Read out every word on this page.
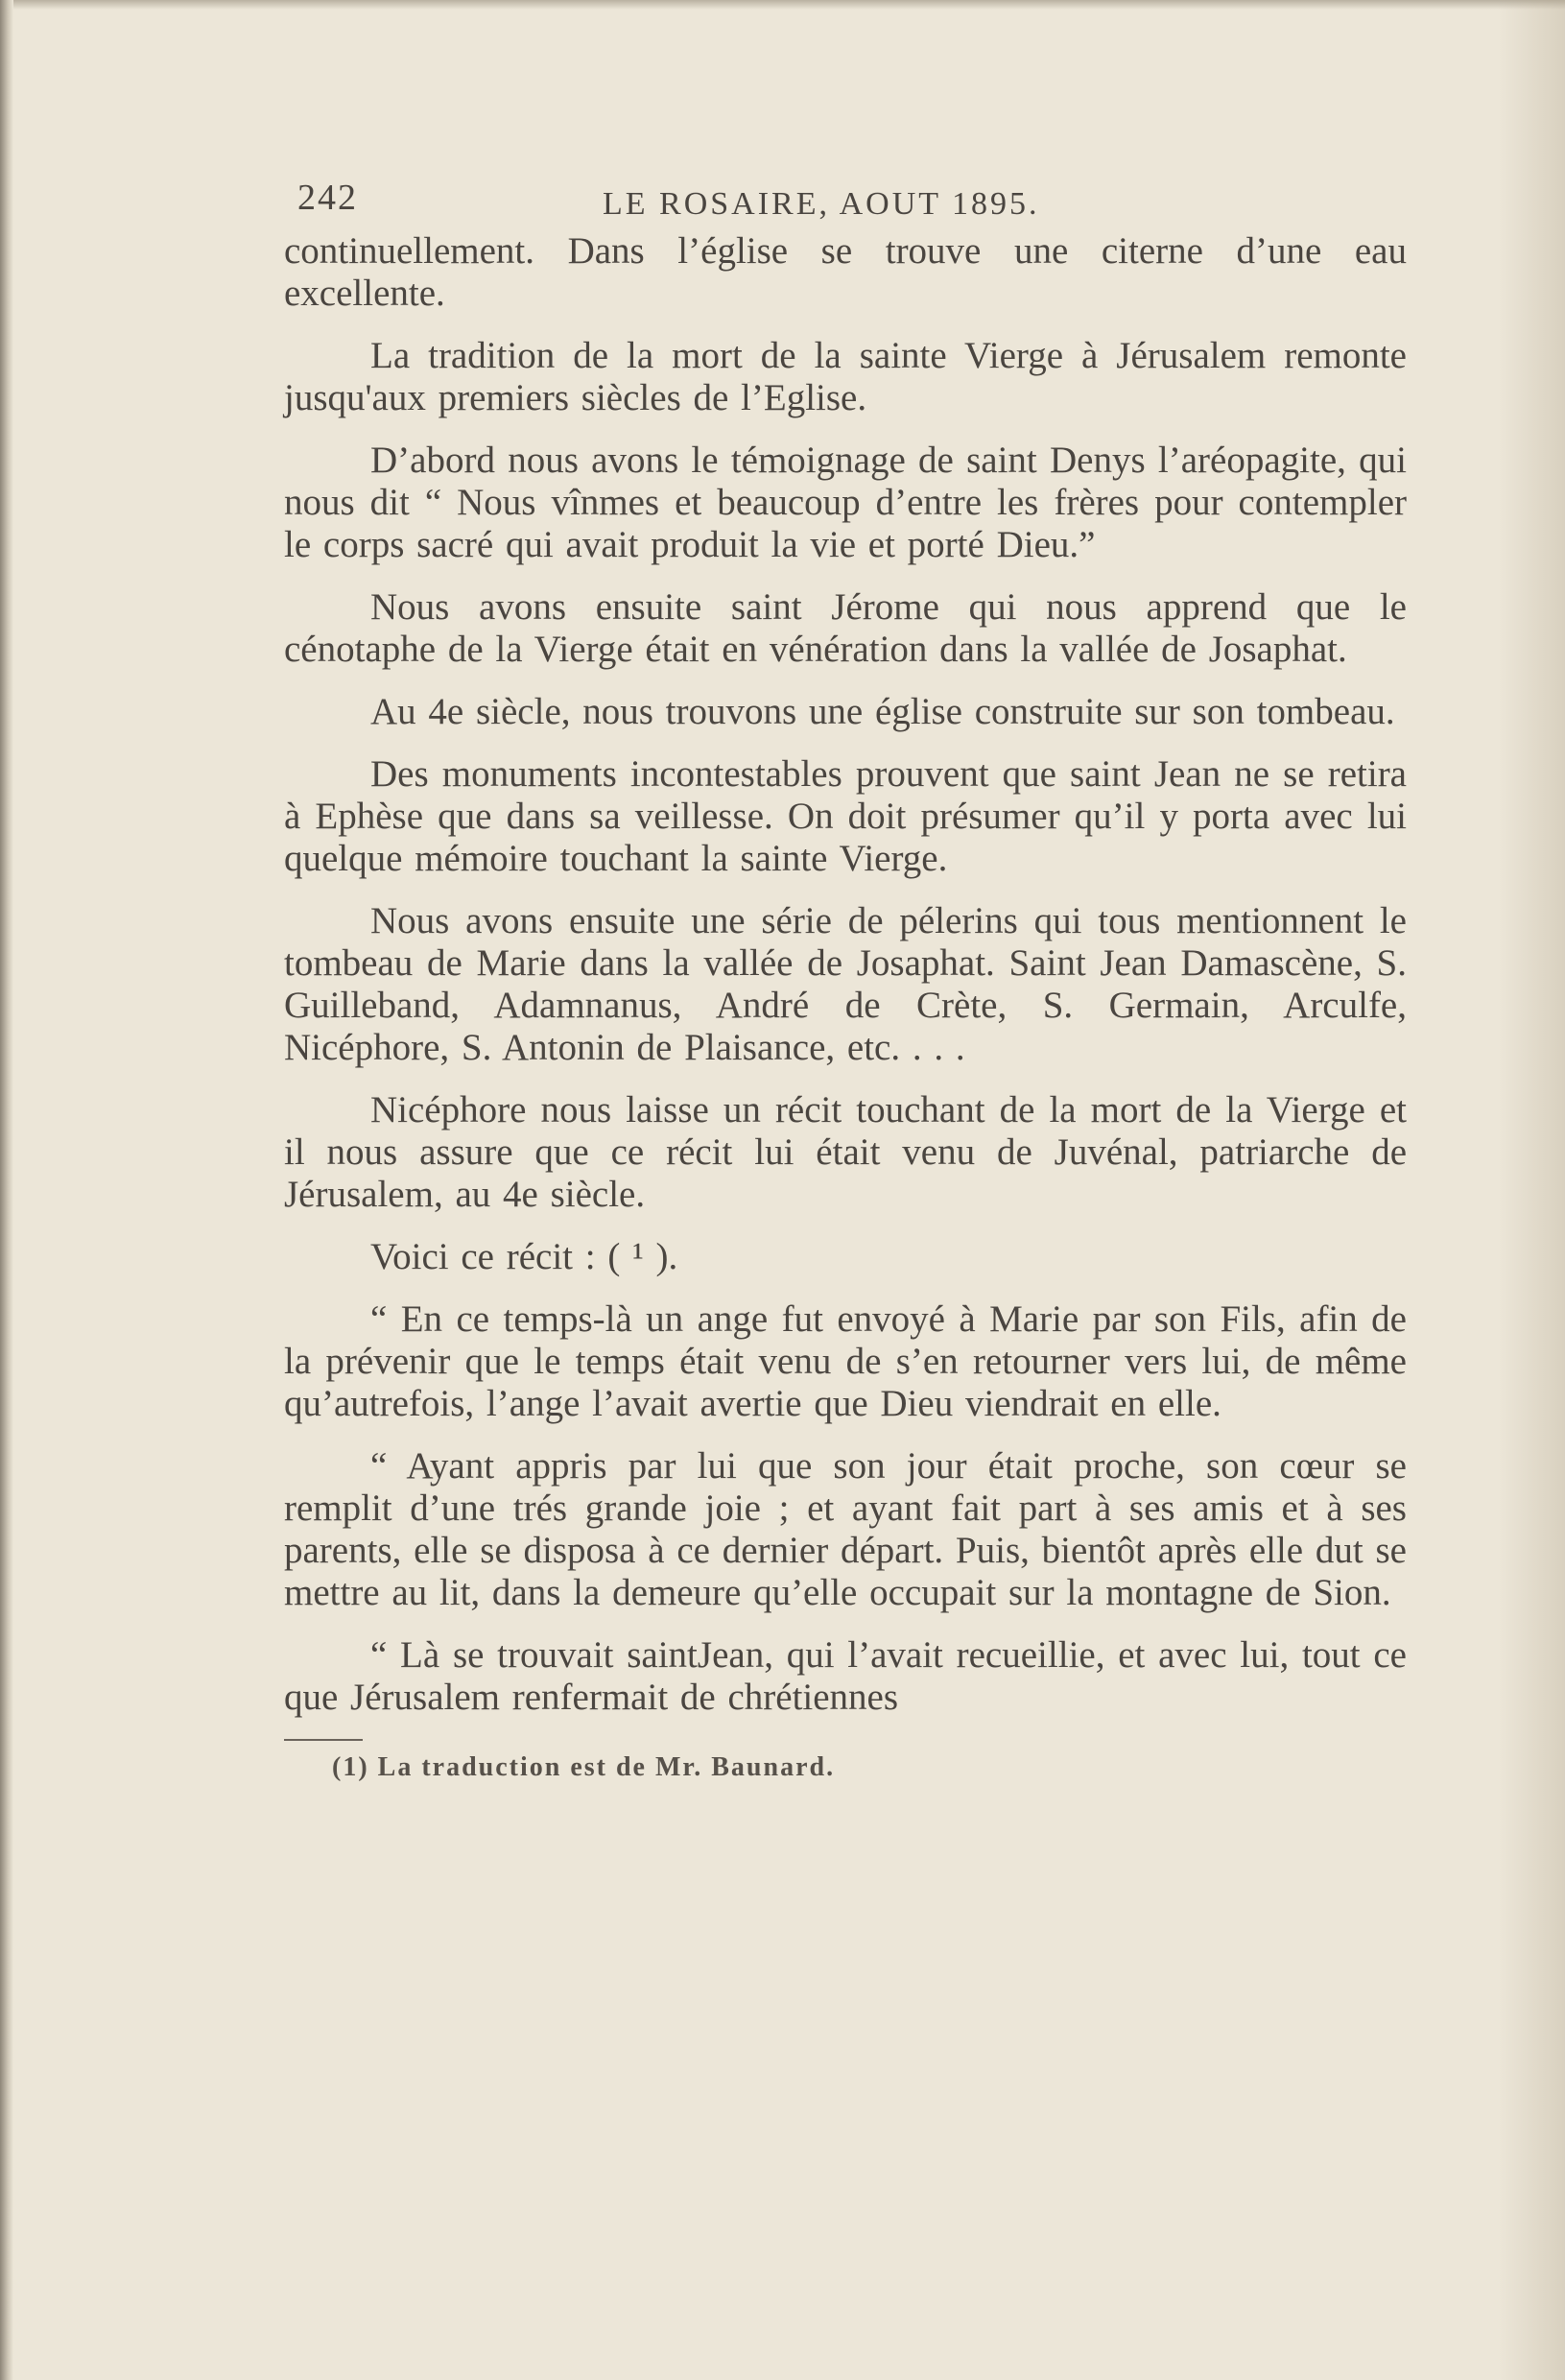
242	LE ROSAIRE, AOUT 1895.

continuellement. Dans l’église se trouve une citerne d’une eau excellente.

La tradition de la mort de la sainte Vierge à Jérusalem remonte jusqu'aux premiers siècles de l’Eglise.

D’abord nous avons le témoignage de saint Denys l’aréopagite, qui nous dit “ Nous vînmes et beaucoup d’entre les frères pour contempler le corps sacré qui avait produit la vie et porté Dieu.”

Nous avons ensuite saint Jérome qui nous apprend que le cénotaphe de la Vierge était en vénération dans la vallée de Josaphat.

Au 4e siècle, nous trouvons une église construite sur son tombeau.

Des monuments incontestables prouvent que saint Jean ne se retira à Ephèse que dans sa veillesse. On doit présumer qu’il y porta avec lui quelque mémoire touchant la sainte Vierge.

Nous avons ensuite une série de pélerins qui tous mentionnent le tombeau de Marie dans la vallée de Josaphat. Saint Jean Damascène, S. Guilleband, Adamnanus, André de Crète, S. Germain, Arculfe, Nicéphore, S. Antonin de Plaisance, etc. . . .

Nicéphore nous laisse un récit touchant de la mort de la Vierge et il nous assure que ce récit lui était venu de Juvénal, patriarche de Jérusalem, au 4e siècle.

Voici ce récit : ( ¹ ).

“ En ce temps-là un ange fut envoyé à Marie par son Fils, afin de la prévenir que le temps était venu de s’en retourner vers lui, de même qu’autrefois, l’ange l’avait avertie que Dieu viendrait en elle.

“ Ayant appris par lui que son jour était proche, son cœur se remplit d’une trés grande joie ; et ayant fait part à ses amis et à ses parents, elle se disposa à ce dernier départ. Puis, bientôt après elle dut se mettre au lit, dans la demeure qu’elle occupait sur la montagne de Sion.

“ Là se trouvait saintJean, qui l’avait recueillie, et avec lui, tout ce que Jérusalem renfermait de chrétiennes

(1) La traduction est de Mr. Baunard.
